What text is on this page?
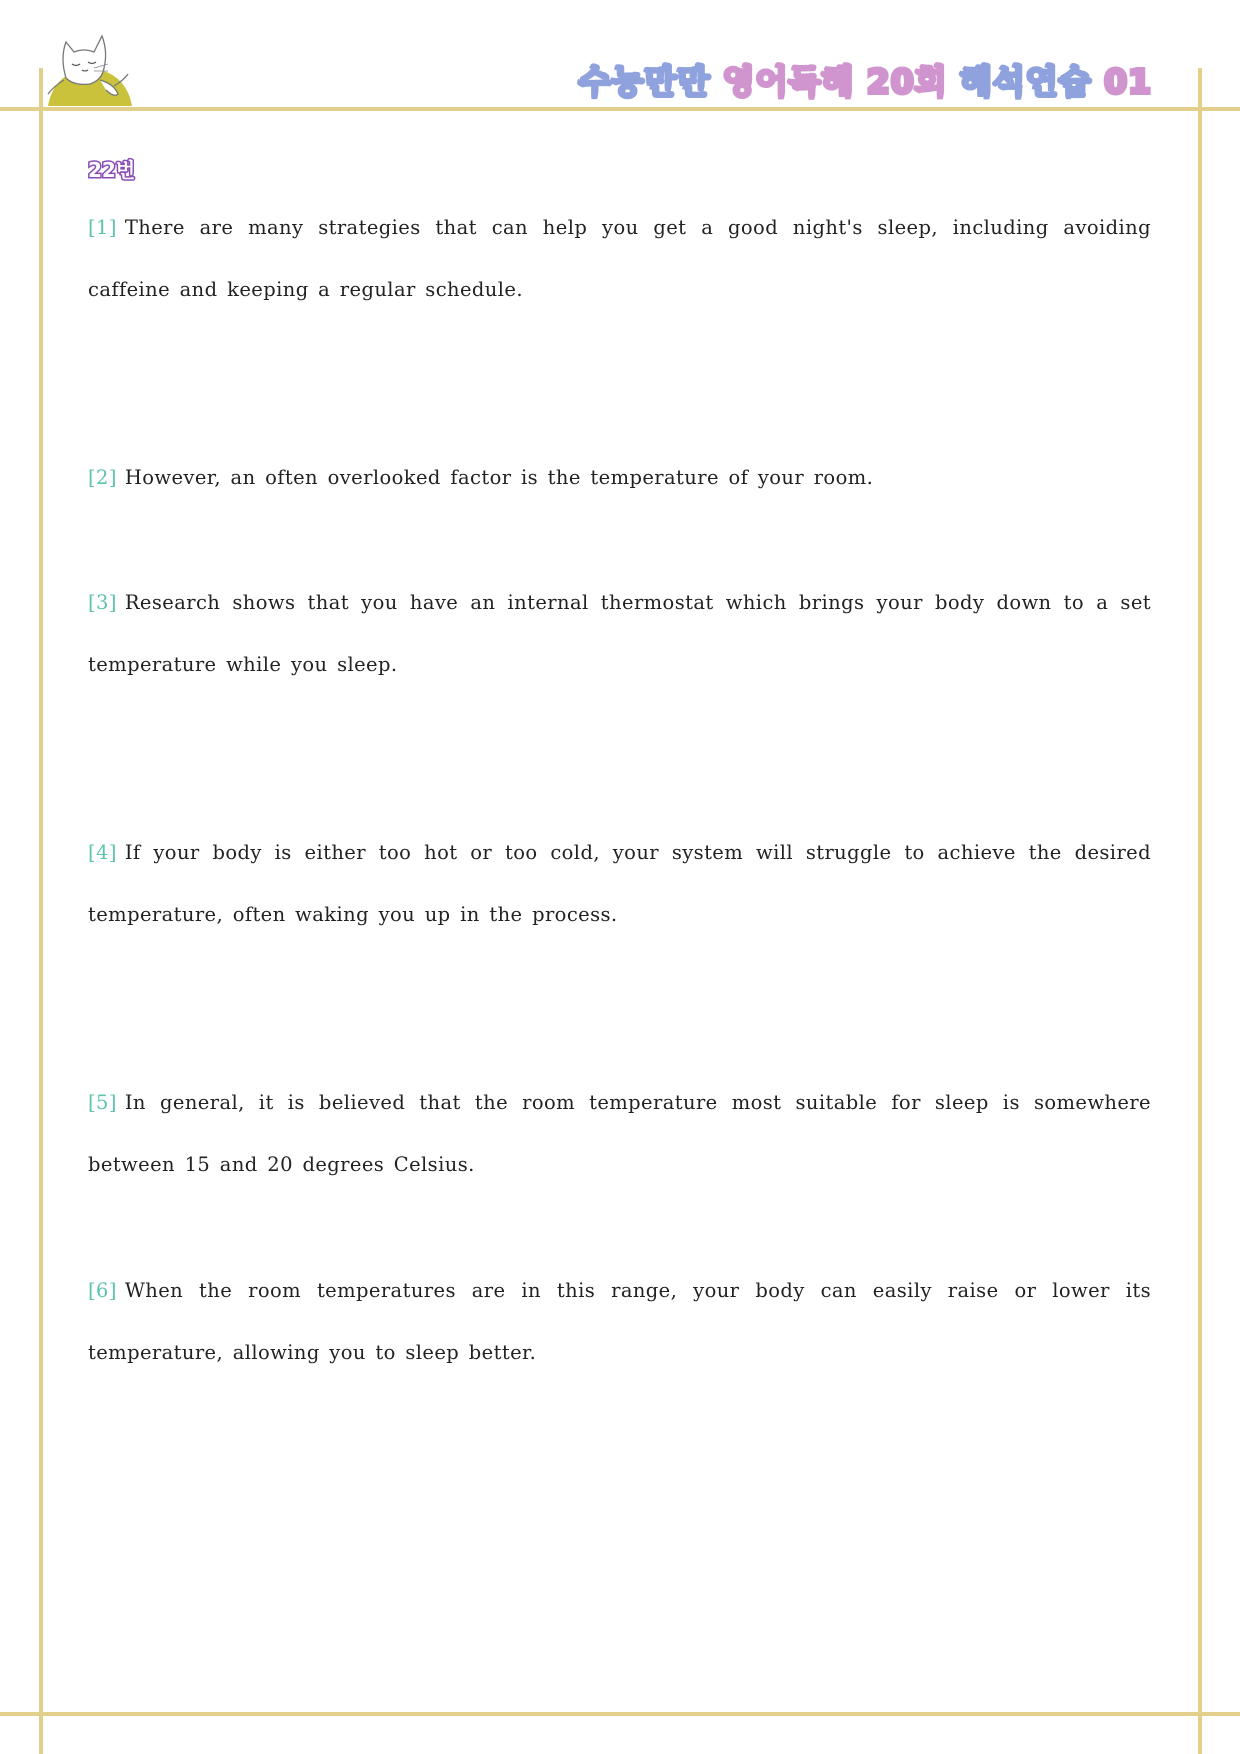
수능만만 영어독해 20회 해석연습 01
22번

[1] There are many strategies that can help you get a good night's sleep, including avoiding caffeine and keeping a regular schedule.

[2] However, an often overlooked factor is the temperature of your room.

[3] Research shows that you have an internal thermostat which brings your body down to a set temperature while you sleep.

[4] If your body is either too hot or too cold, your system will struggle to achieve the desired temperature, often waking you up in the process.

[5] In general, it is believed that the room temperature most suitable for sleep is somewhere between 15 and 20 degrees Celsius.

[6] When the room temperatures are in this range, your body can easily raise or lower its temperature, allowing you to sleep better.
